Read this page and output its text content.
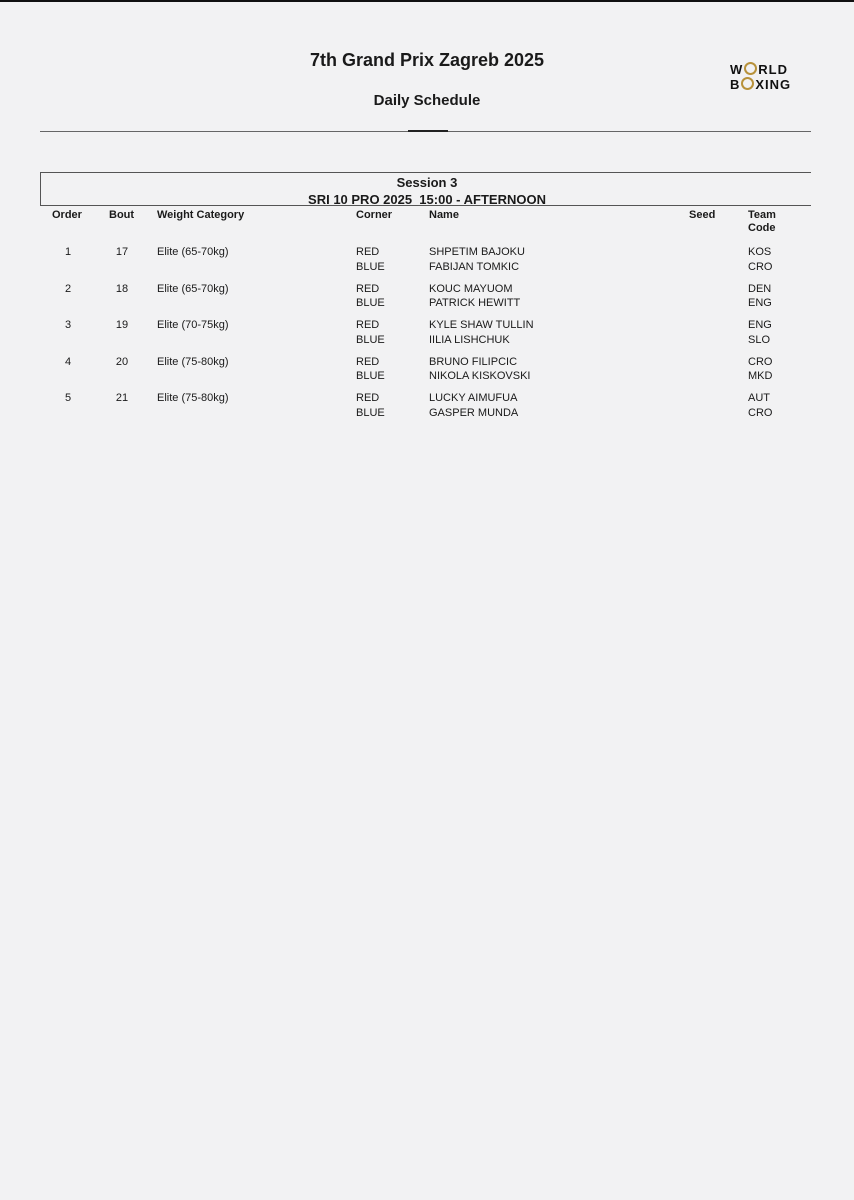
7th Grand Prix Zagreb 2025
Daily Schedule
W RLD
B XING
Session 3
SRI 10 PRO 2025  15:00 - AFTERNOON
Order Bout Weight Category	Corner	Name	Seed	Team
Code
1	17	Elite (65-70kg)	RED	SHPETIM BAJOKU	KOS
BLUE	FABIJAN TOMKIC	CRO
2	18	Elite (65-70kg)	RED	KOUC MAYUOM	DEN
BLUE	PATRICK HEWITT	ENG
3	19	Elite (70-75kg)	RED	KYLE SHAW TULLIN	ENG
BLUE	IILIA LISHCHUK	SLO
4	20	Elite (75-80kg)	RED	BRUNO FILIPCIC	CRO
BLUE	NIKOLA KISKOVSKI	MKD
5	21	Elite (75-80kg)	RED	LUCKY AIMUFUA	AUT
BLUE	GASPER MUNDA	CRO
